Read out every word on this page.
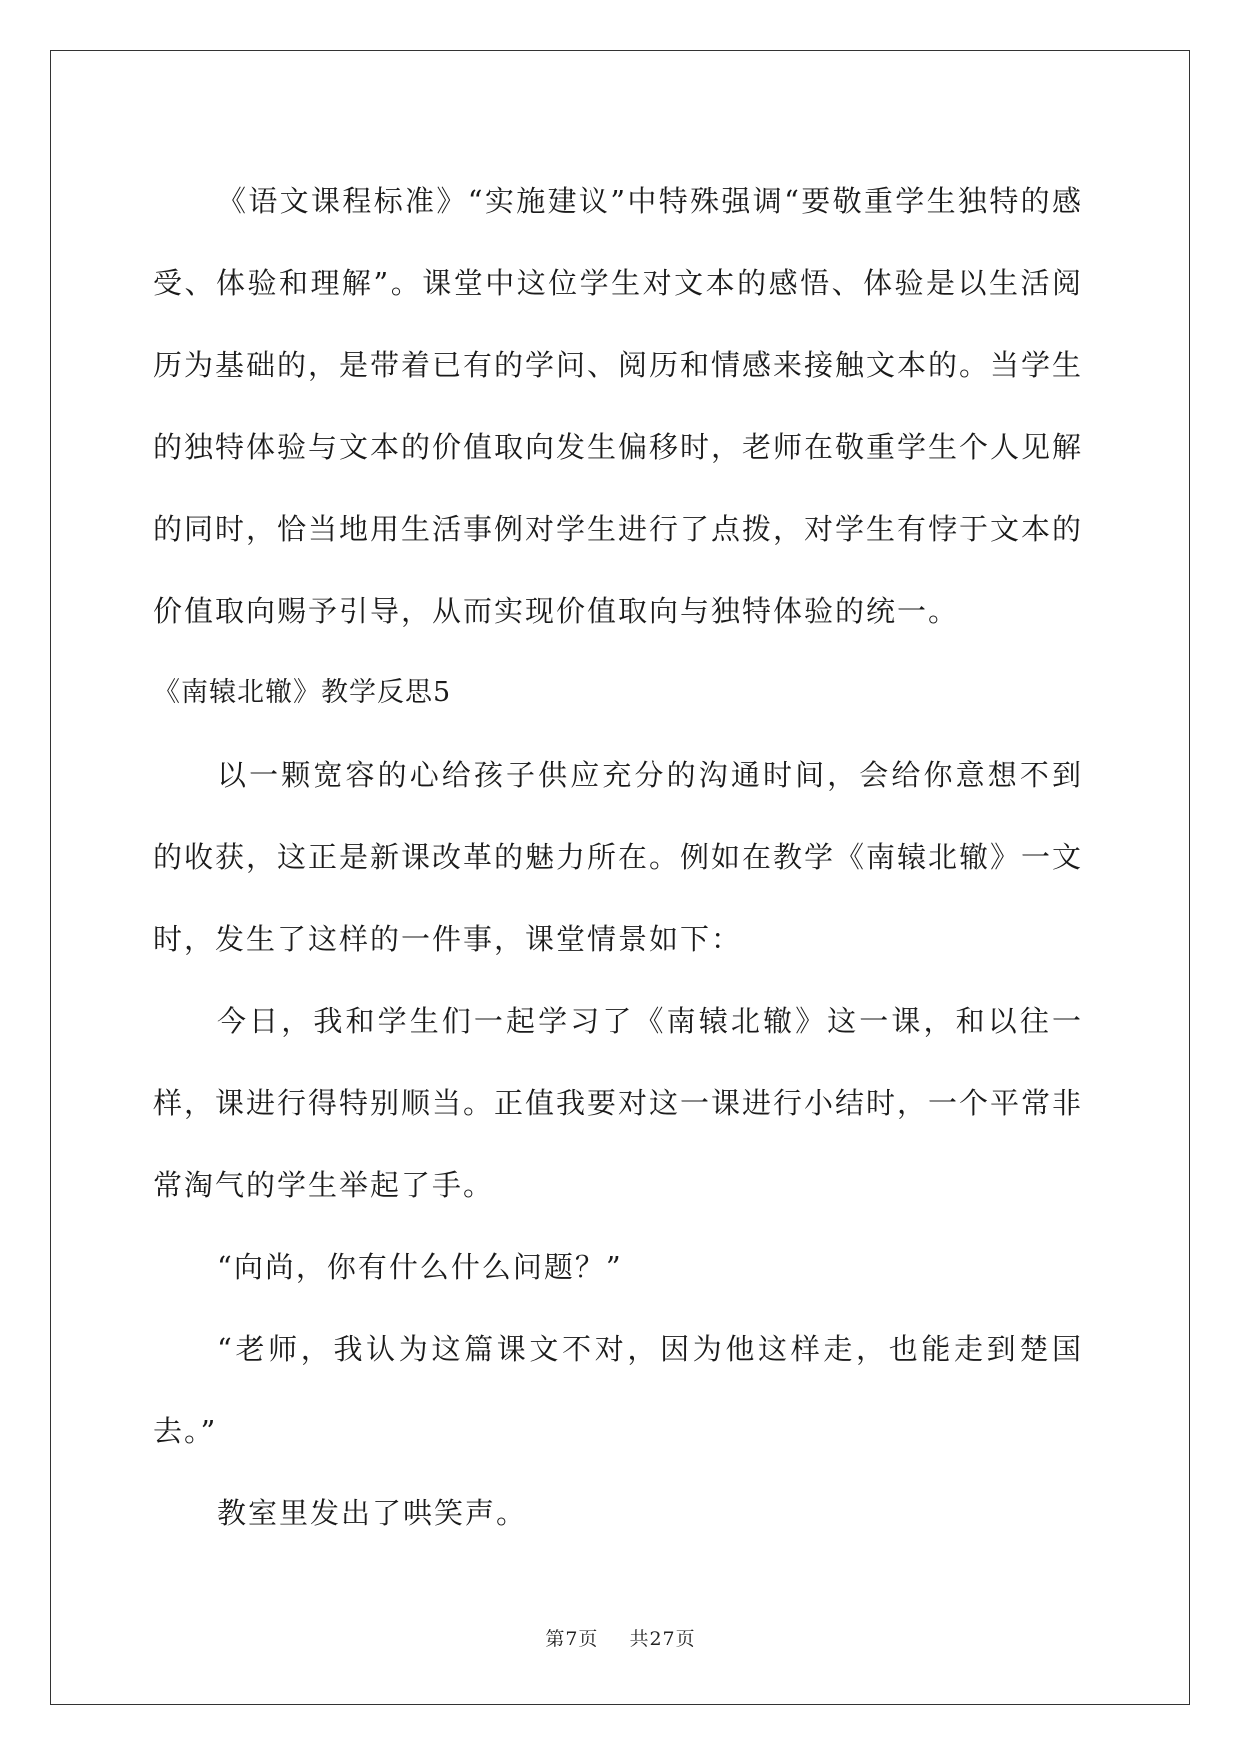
《语文课程标准》“实施建议”中特殊强调“要敬重学生独特的感受、体验和理解”。课堂中这位学生对文本的感悟、体验是以生活阅历为基础的，是带着已有的学问、阅历和情感来接触文本的。当学生的独特体验与文本的价值取向发生偏移时，老师在敬重学生个人见解的同时，恰当地用生活事例对学生进行了点拨，对学生有悖于文本的价值取向赐予引导，从而实现价值取向与独特体验的统一。

《南辕北辙》教学反思5

以一颗宽容的心给孩子供应充分的沟通时间，会给你意想不到的收获，这正是新课改革的魅力所在。例如在教学《南辕北辙》一文时，发生了这样的一件事，课堂情景如下：

今日，我和学生们一起学习了《南辕北辙》这一课，和以往一样，课进行得特别顺当。正值我要对这一课进行小结时，一个平常非常淘气的学生举起了手。

“向尚，你有什么什么问题？”

“老师，我认为这篇课文不对，因为他这样走，也能走到楚国去。”

教室里发出了哄笑声。

第7页 共27页
